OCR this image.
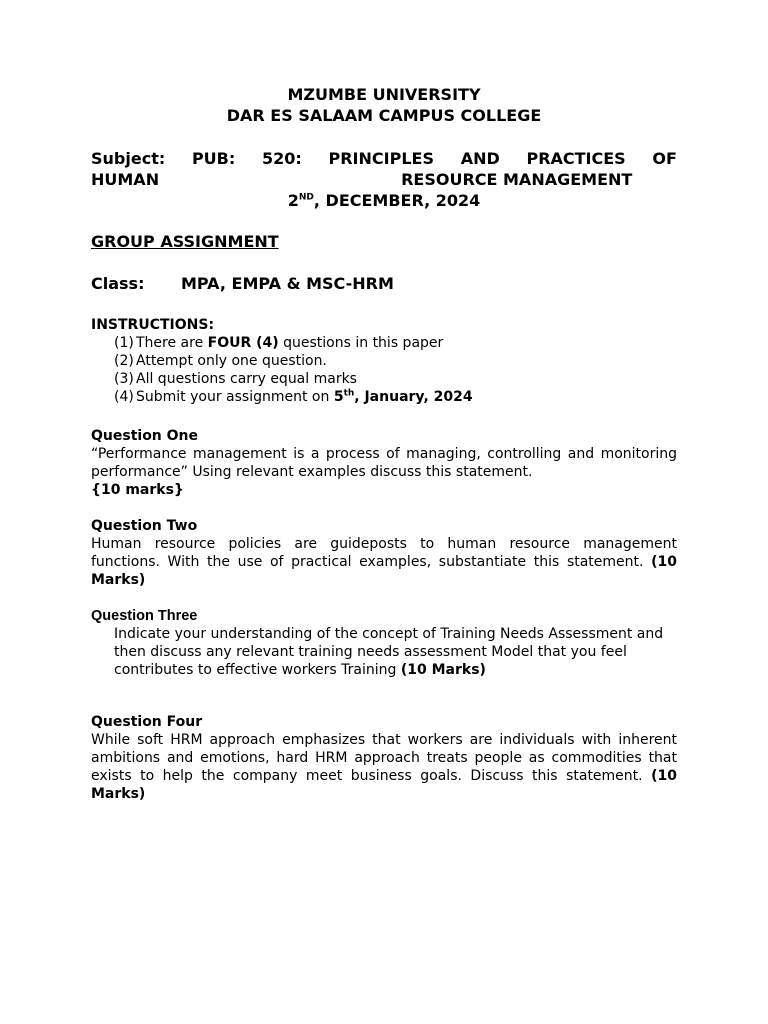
MZUMBE UNIVERSITY

DAR ES SALAAM CAMPUS COLLEGE

Subject: PUB: 520: PRINCIPLES AND PRACTICES OF
HUMAN	RESOURCE MANAGEMENT

2ND, DECEMBER, 2024

GROUP ASSIGNMENT

Class:	MPA, EMPA & MSC-HRM

INSTRUCTIONS:

(1) There are FOUR (4) questions in this paper
(2) Attempt only one question.
(3) All questions carry equal marks
(4) Submit your assignment on 5th, January, 2024

Question One

“Performance management is a process of managing, controlling and monitoring performance” Using relevant examples discuss this statement.

{10 marks}

Question Two

Human resource policies are guideposts to human resource management functions. With the use of practical examples, substantiate this statement. (10 Marks)

Question Three

Indicate your understanding of the concept of Training Needs Assessment and then discuss any relevant training needs assessment Model that you feel contributes to effective workers Training (10 Marks)

Question Four

While soft HRM approach emphasizes that workers are individuals with inherent ambitions and emotions, hard HRM approach treats people as commodities that exists to help the company meet business goals. Discuss this statement. (10 Marks)
